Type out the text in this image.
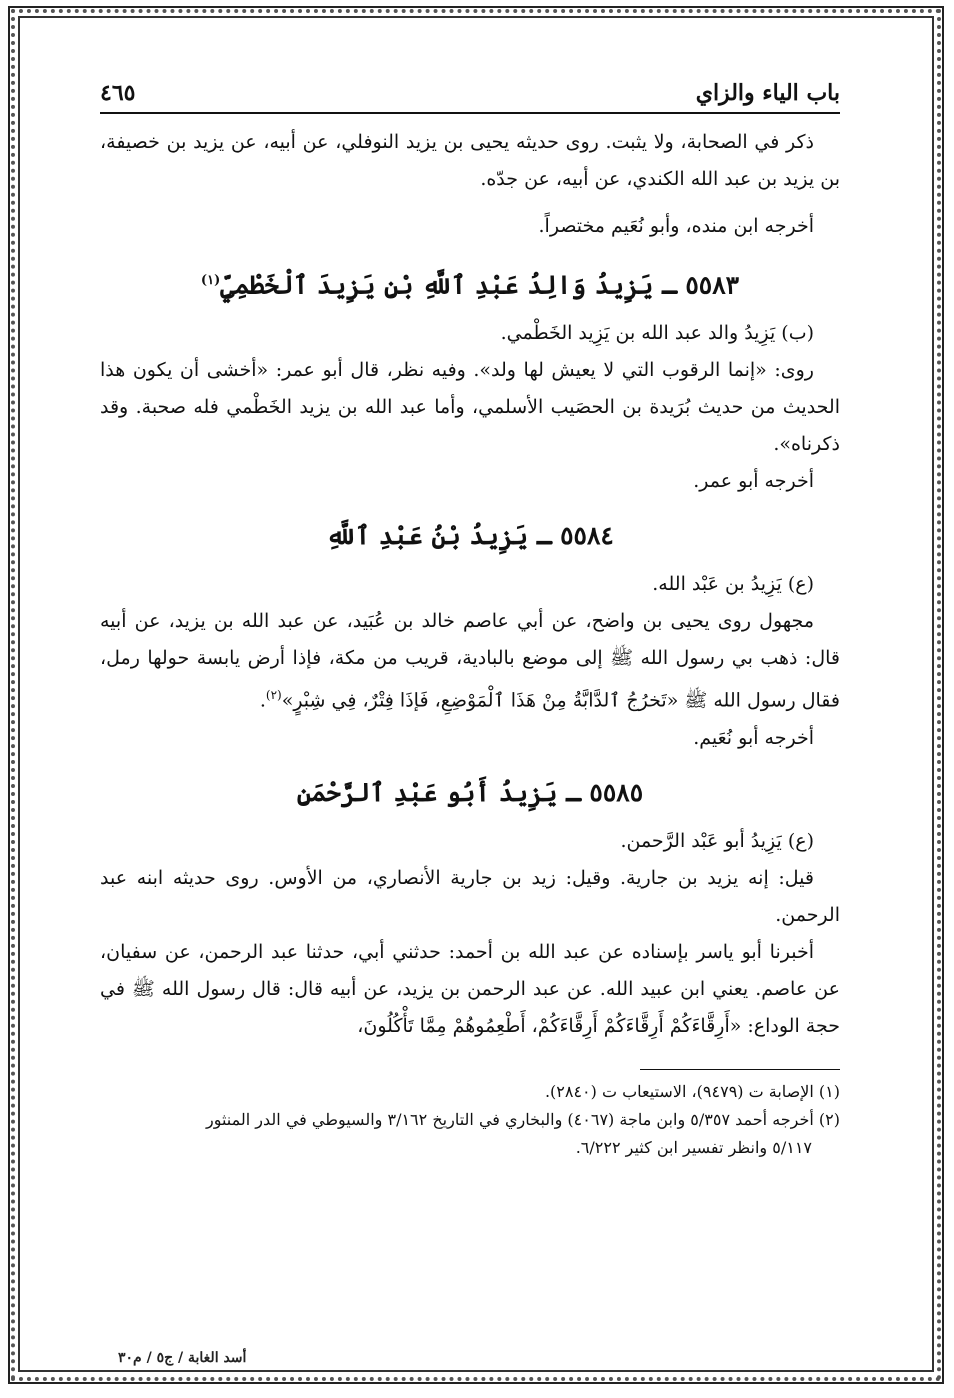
باب الياء والزاي
٤٦٥

ذكر في الصحابة، ولا يثبت. روى حديثه يحيى بن يزيد النوفلي، عن أبيه، عن يزيد بن خصيفة، بن يزيد بن عبد الله الكندي، عن أبيه، عن جدّه.

أخرجه ابن منده، وأبو نُعَيم مختصراً.

٥٥٨٣ ـ يَزِيدُ وَالِدُ عَبْدِ ٱللَّهِ بْنِ يَزِيدَ ٱلْخَطْمِيِّ$^{(١)}$

(ب) يَزِيدُ والد عبد الله بن يَزِيد الخَطْمي.

روى: «إنما الرقوب التي لا يعيش لها ولد». وفيه نظر، قال أبو عمر: «أخشى أن يكون هذا الحديث من حديث بُرَيدة بن الحصَيب الأسلمي، وأما عبد الله بن يزيد الخَطْمي فله صحبة. وقد ذكرناه».

أخرجه أبو عمر.

٥٥٨٤ ـ يَزِيدُ بْنُ عَبْدِ ٱللَّهِ

(ع) يَزِيدُ بن عَبْد الله.

مجهول روى يحيى بن واضح، عن أبي عاصم خالد بن عُبَيد، عن عبد الله بن يزيد، عن أبيه قال: ذهب بي رسول الله ﷺ إلى موضع بالبادية، قريب من مكة، فإذا أرض يابسة حولها رمل، فقال رسول الله ﷺ «تَخرُجُ ٱلدَّابَّةُ مِنْ هَذَا ٱلْمَوْضِعِ، فَإذَا فِتْرٌ، فِي شِبْرٍ»$^{(٢)}$.

أخرجه أبو نُعَيم.

٥٥٨٥ ـ يَزِيدُ أَبُو عَبْدِ ٱلرَّحْمَنِ

(ع) يَزِيدُ أبو عَبْد الرَّحمن.

قيل: إنه يزيد بن جارية. وقيل: زيد بن جارية الأنصاري، من الأوس. روى حديثه ابنه عبد الرحمن.

أخبرنا أبو ياسر بإسناده عن عبد الله بن أحمد: حدثني أبي، حدثنا عبد الرحمن، عن سفيان، عن عاصم. يعني ابن عبيد الله. عن عبد الرحمن بن يزيد، عن أبيه قال: قال رسول الله ﷺ في حجة الوداع: «أَرِقَّاءَكُمْ أَرِقَّاءَكُمْ أَرِقَّاءَكُمْ، أَطْعِمُوهُمْ مِمَّا تَأْكُلُونَ،

(١) الإصابة ت (٩٤٧٩)، الاستيعاب ت (٢٨٤٠).

(٢) أخرجه أحمد ٥/٣٥٧ وابن ماجة (٤٠٦٧) والبخاري في التاريخ ٣/١٦٢ والسيوطي في الدر المنثور

٥/١١٧ وانظر تفسير ابن كثير ٦/٢٢٢.

أسد الغابة / ج٥ / م٣٠
